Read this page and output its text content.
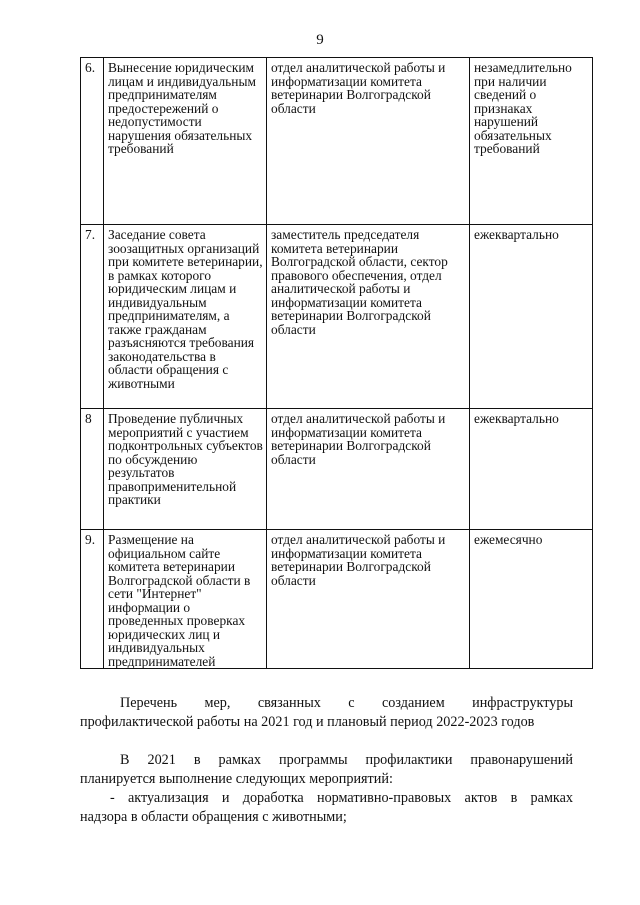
9
6.	Вынесение юридическим лицам и индивидуальным предпринимателям предостережений о недопустимости нарушения обязательных требований	отдел аналитической работы и информатизации комитета ветеринарии Волгоградской области	незамедлительно при наличии сведений о признаках нарушений обязательных требований
7.	Заседание совета зоозащитных организаций при комитете ветеринарии, в рамках которого юридическим лицам и индивидуальным предпринимателям, а также гражданам разъясняются требования законодательства в области обращения с животными	заместитель председателя комитета ветеринарии Волгоградской области, сектор правового обеспечения, отдел аналитической работы и информатизации комитета ветеринарии Волгоградской области	ежеквартально
8	Проведение публичных мероприятий с участием подконтрольных субъектов по обсуждению результатов правоприменительной практики	отдел аналитической работы и информатизации комитета ветеринарии Волгоградской области	ежеквартально
9.	Размещение на официальном сайте комитета ветеринарии Волгоградской области в сети "Интернет" информации о проведенных проверках юридических лиц и индивидуальных предпринимателей	отдел аналитической работы и информатизации комитета ветеринарии Волгоградской области	ежемесячно
Перечень мер, связанных с созданием инфраструктуры
профилактической работы на 2021 год и плановый период 2022-2023 годов
В 2021 в рамках программы профилактики правонарушений
планируется выполнение следующих мероприятий:
- актуализация и доработка нормативно-правовых актов в рамках
надзора в области обращения с животными;
